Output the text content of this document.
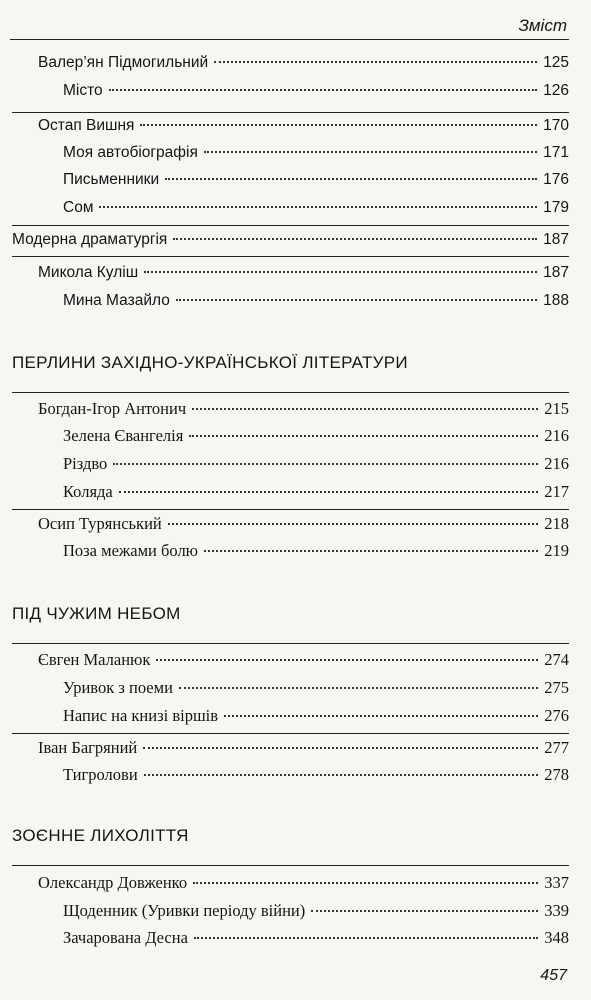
Зміст
Валер’ян Підмогильний	125
Місто	126
Остап Вишня	170
Моя автобіографія	171
Письменники	176
Сом	179
Модерна драматургія	187
Микола Куліш	187
Мина Мазайло	188
ПЕРЛИНИ ЗАХІДНО-УКРАЇНСЬКОЇ ЛІТЕРАТУРИ
Богдан-Ігор Антонич	215
Зелена Євангелія	216
Різдво	216
Коляда	217
Осип Турянський	218
Поза межами болю	219
ПІД ЧУЖИМ НЕБОМ
Євген Маланюк	274
Уривок з поеми	275
Напис на книзі віршів	276
Іван Багряний	277
Тигролови	278
ЗОЄННЕ ЛИХОЛІТТЯ
Олександр Довженко	337
Щоденник (Уривки періоду війни)	339
Зачарована Десна	348
457
